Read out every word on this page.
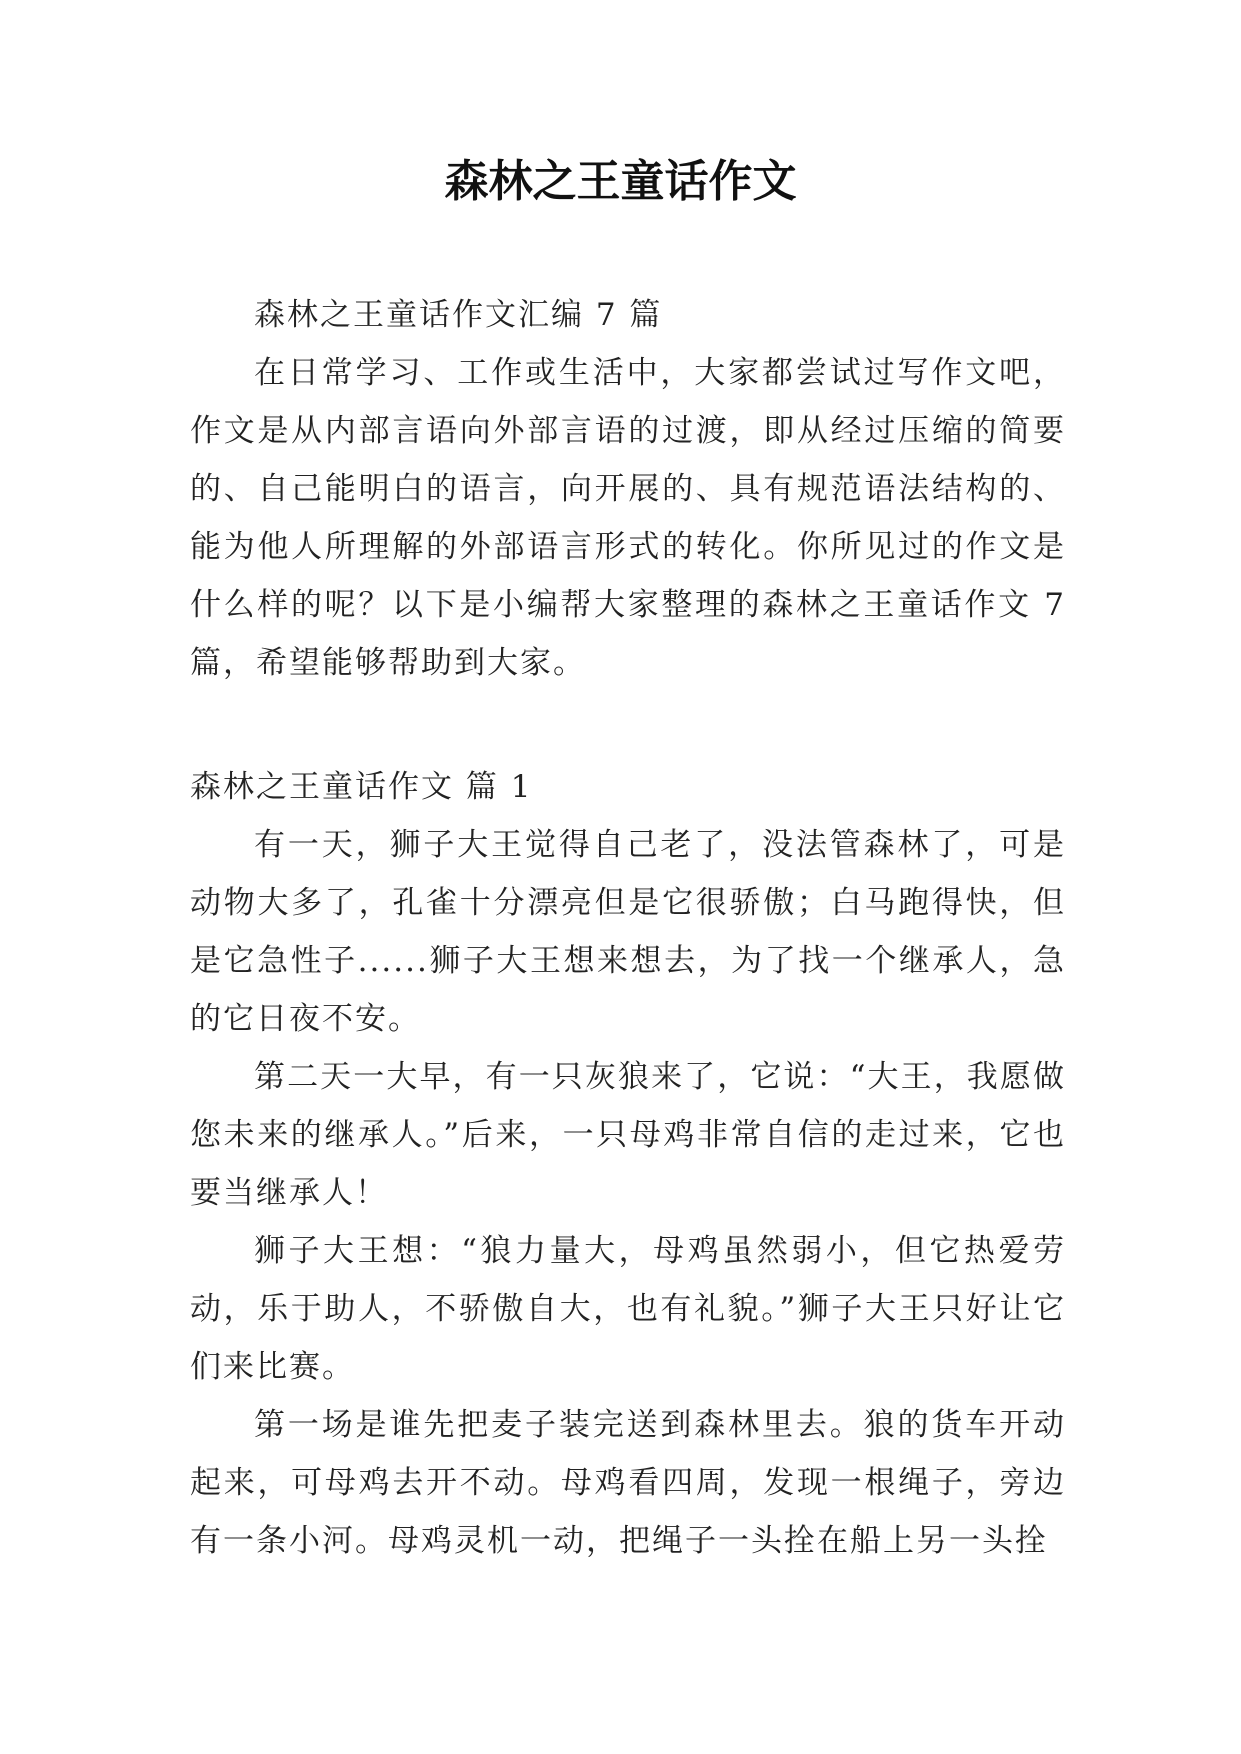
森林之王童话作文

森林之王童话作文汇编 7 篇

在日常学习、工作或生活中，大家都尝试过写作文吧，作文是从内部言语向外部言语的过渡，即从经过压缩的简要的、自己能明白的语言，向开展的、具有规范语法结构的、能为他人所理解的外部语言形式的转化。你所见过的作文是什么样的呢？以下是小编帮大家整理的森林之王童话作文 7 篇，希望能够帮助到大家。

森林之王童话作文 篇 1

有一天，狮子大王觉得自己老了，没法管森林了，可是动物大多了，孔雀十分漂亮但是它很骄傲；白马跑得快，但是它急性子......狮子大王想来想去，为了找一个继承人，急的它日夜不安。

第二天一大早，有一只灰狼来了，它说：“大王，我愿做您未来的继承人。”后来，一只母鸡非常自信的走过来，它也要当继承人！

狮子大王想：“狼力量大，母鸡虽然弱小，但它热爱劳动，乐于助人，不骄傲自大，也有礼貌。”狮子大王只好让它们来比赛。

第一场是谁先把麦子装完送到森林里去。狼的货车开动起来，可母鸡去开不动。母鸡看四周，发现一根绳子，旁边有一条小河。母鸡灵机一动，把绳子一头拴在船上另一头拴
